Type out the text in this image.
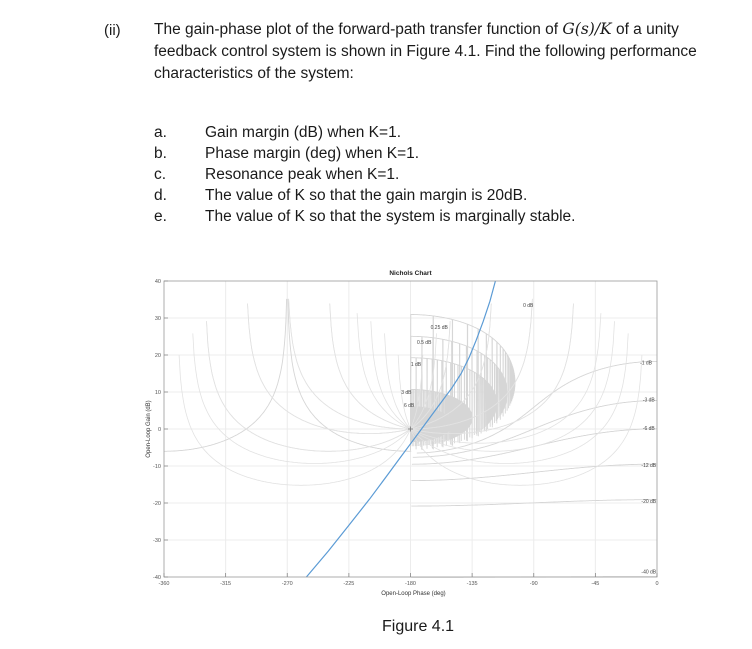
(ii) The gain-phase plot of the forward-path transfer function of G(s)/K of a unity feedback control system is shown in Figure 4.1. Find the following performance characteristics of the system:
a.	Gain margin (dB) when K=1.
b.	Phase margin (deg) when K=1.
c.	Resonance peak when K=1.
d.	The value of K so that the gain margin is 20dB.
e.	The value of K so that the system is marginally stable.
-360	-315	-270	-225	-180	-135	-90	-45	0
40
30
20
10
0
-10
-20
-30
-40
0 dB
0.25 dB
0.5 dB
1 dB
3 dB
6 dB
-1 dB
-3 dB
-6 dB
-12 dB
-20 dB
-40 dB
Nichols Chart
Open-Loop Phase (deg)
Open-Loop Gain (dB)
Figure 4.1
